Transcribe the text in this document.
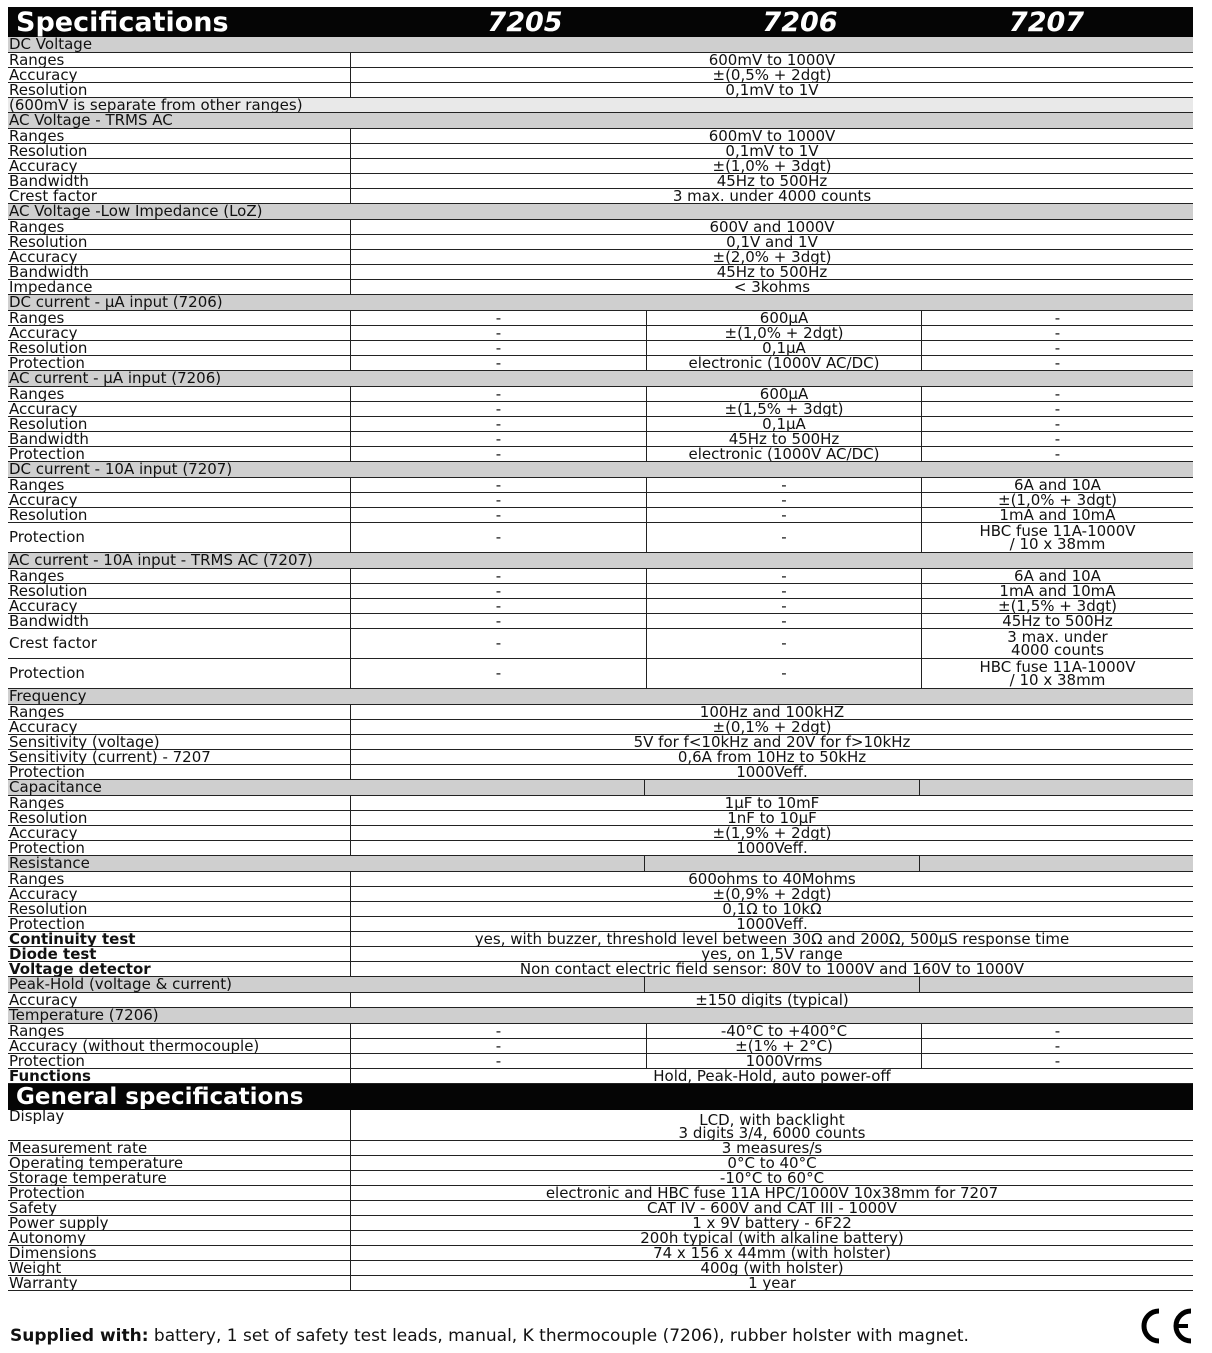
Specifications	7205	7206	7207
DC Voltage
Ranges	600mV to 1000V
Accuracy	±(0,5% + 2dgt)
Resolution	0,1mV to 1V
(600mV is separate from other ranges)
AC Voltage - TRMS AC
Ranges	600mV to 1000V
Resolution	0,1mV to 1V
Accuracy	±(1,0% + 3dgt)
Bandwidth	45Hz to 500Hz
Crest factor	3 max. under 4000 counts
AC Voltage -Low Impedance (LoZ)
Ranges	600V and 1000V
Resolution	0,1V and 1V
Accuracy	±(2,0% + 3dgt)
Bandwidth	45Hz to 500Hz
Impedance	< 3kohms
DC current - µA input (7206)
Ranges	-	600µA	-
Accuracy	-	±(1,0% + 2dgt)	-
Resolution	-	0,1µA	-
Protection	-	electronic (1000V AC/DC)	-
AC current - µA input (7206)
Ranges	-	600µA	-
Accuracy	-	±(1,5% + 3dgt)	-
Resolution	-	0,1µA	-
Bandwidth	-	45Hz to 500Hz	-
Protection	-	electronic (1000V AC/DC)	-
DC current - 10A input (7207)
Ranges	-	-	6A and 10A
Accuracy	-	-	±(1,0% + 3dgt)
Resolution	-	-	1mA and 10mA
Protection	-	-	HBC fuse 11A-1000V
/ 10 x 38mm
AC current - 10A input - TRMS AC (7207)
Ranges	-	-	6A and 10A
Resolution	-	-	1mA and 10mA
Accuracy	-	-	±(1,5% + 3dgt)
Bandwidth	-	-	45Hz to 500Hz
Crest factor	-	-	3 max. under
4000 counts
Protection	-	-	HBC fuse 11A-1000V
/ 10 x 38mm
Frequency
Ranges	100Hz and 100kHZ
Accuracy	±(0,1% + 2dgt)
Sensitivity (voltage)	5V for f<10kHz and 20V for f>10kHz
Sensitivity (current) - 7207	0,6A from 10Hz to 50kHz
Protection	1000Veff.
Capacitance
Ranges	1µF to 10mF
Resolution	1nF to 10µF
Accuracy	±(1,9% + 2dgt)
Protection	1000Veff.
Resistance
Ranges	600ohms to 40Mohms
Accuracy	±(0,9% + 2dgt)
Resolution	0,1Ω to 10kΩ
Protection	1000Veff.
Continuity test	yes, with buzzer, threshold level between 30Ω and 200Ω, 500µS response time
Diode test	yes, on 1,5V range
Voltage detector	Non contact electric field sensor: 80V to 1000V and 160V to 1000V
Peak-Hold (voltage & current)
Accuracy	±150 digits (typical)
Temperature (7206)
Ranges	-	-40°C to +400°C	-
Accuracy (without thermocouple)	-	±(1% + 2°C)	-
Protection	-	1000Vrms	-
Functions	Hold, Peak-Hold, auto power-off
General specifications
Display	LCD, with backlight
3 digits 3/4, 6000 counts
Measurement rate	3 measures/s
Operating temperature	0°C to 40°C
Storage temperature	-10°C to 60°C
Protection	electronic and HBC fuse 11A HPC/1000V 10x38mm for 7207
Safety	CAT IV - 600V and CAT III - 1000V
Power supply	1 x 9V battery - 6F22
Autonomy	200h typical (with alkaline battery)
Dimensions	74 x 156 x 44mm (with holster)
Weight	400g (with holster)
Warranty	1 year
Supplied with: battery, 1 set of safety test leads, manual, K thermocouple (7206), rubber holster with magnet.
